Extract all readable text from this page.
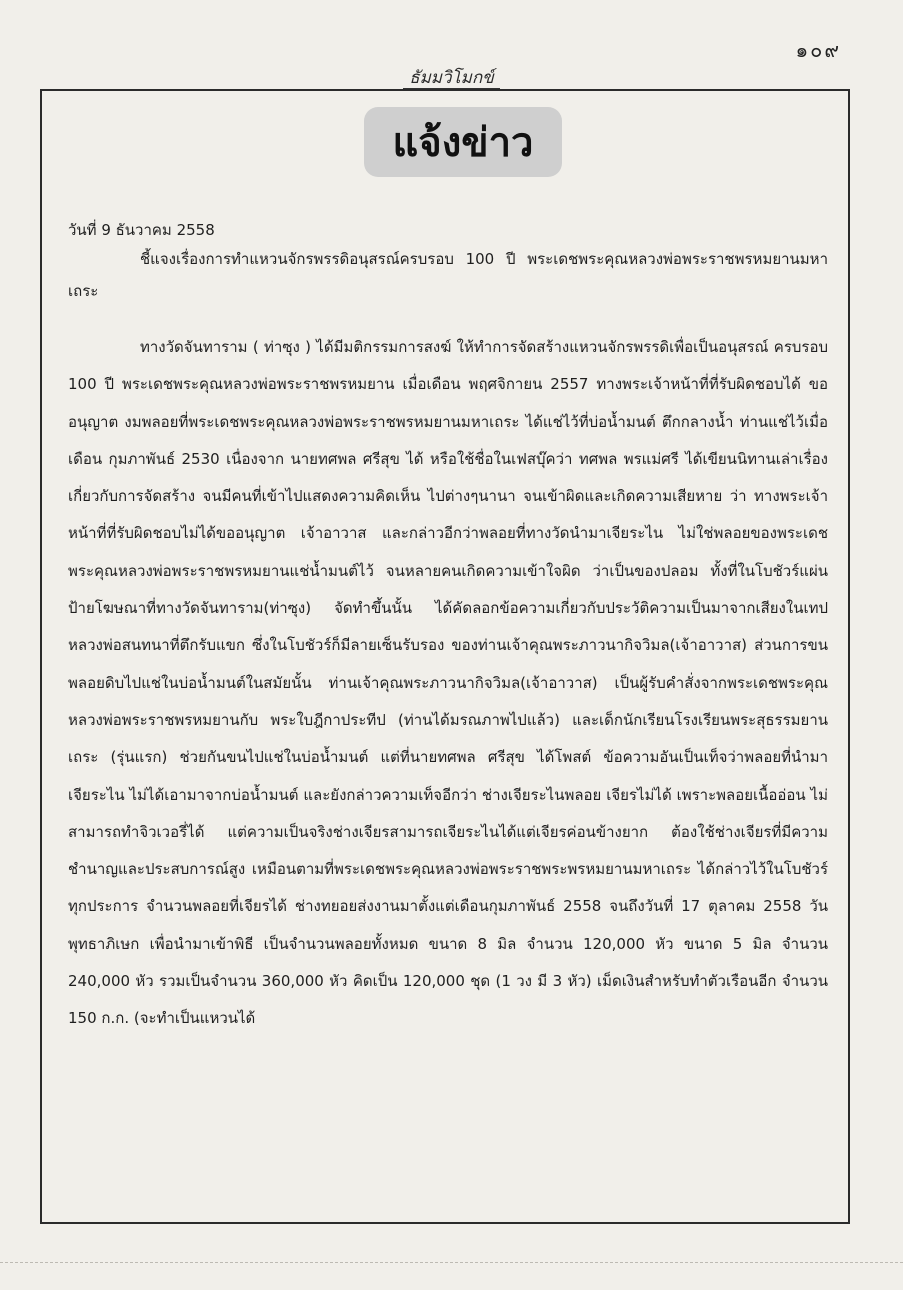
๑๐๙
ธัมมวิโมกข์
แจ้งข่าว
วันที่ 9 ธันวาคม 2558
ชี้แจงเรื่องการทำแหวนจักรพรรดิอนุสรณ์ครบรอบ 100 ปี พระเดชพระคุณหลวงพ่อพระราชพรหมยานมหาเถระ
ทางวัดจันทาราม ( ท่าซุง ) ได้มีมติกรรมการสงฆ์ ให้ทำการจัดสร้างแหวนจักรพรรดิเพื่อเป็นอนุสรณ์ ครบรอบ 100 ปี พระเดชพระคุณหลวงพ่อพระราชพรหมยาน เมื่อเดือน พฤศจิกายน 2557 ทางพระเจ้าหน้าที่ที่รับผิดชอบได้ ขออนุญาต งมพลอยที่พระเดชพระคุณหลวงพ่อพระราชพรหมยานมหาเถระ ได้แช่ไว้ที่บ่อน้ำมนต์ ตึกกลางน้ำ ท่านแช่ไว้เมื่อเดือน กุมภาพันธ์ 2530 เนื่องจาก นายทศพล ศรีสุข ได้ หรือใช้ชื่อในเฟสบุ๊คว่า ทศพล พรแม่ศรี ได้เขียนนิทานเล่าเรื่องเกี่ยวกับการจัดสร้าง จนมีคนที่เข้าไปแสดงความคิดเห็น ไปต่างๆนานา จนเข้าผิดและเกิดความเสียหาย ว่า ทางพระเจ้าหน้าที่ที่รับผิดชอบไม่ได้ขออนุญาต เจ้าอาวาส และกล่าวอีกว่าพลอยที่ทางวัดนำมาเจียระไน ไม่ใช่พลอยของพระเดชพระคุณหลวงพ่อพระราชพรหมยานแช่น้ำมนต์ไว้ จนหลายคนเกิดความเข้าใจผิด ว่าเป็นของปลอม ทั้งที่ในโบชัวร์แผ่นป้ายโฆษณาที่ทางวัดจันทาราม(ท่าซุง) จัดทำขึ้นนั้น ได้คัดลอกข้อความเกี่ยวกับประวัติความเป็นมาจากเสียงในเทป หลวงพ่อสนทนาที่ตึกรับแขก ซึ่งในโบชัวร์ก็มีลายเซ็นรับรอง ของท่านเจ้าคุณพระภาวนากิจวิมล(เจ้าอาวาส) ส่วนการขนพลอยดิบไปแช่ในบ่อน้ำมนต์ในสมัยนั้น ท่านเจ้าคุณพระภาวนากิจวิมล(เจ้าอาวาส) เป็นผู้รับคำสั่งจากพระเดชพระคุณหลวงพ่อพระราชพรหมยานกับ พระใบฎีกาประทีป (ท่านได้มรณภาพไปแล้ว) และเด็กนักเรียนโรงเรียนพระสุธรรมยานเถระ (รุ่นแรก) ช่วยกันขนไปแช่ในบ่อน้ำมนต์ แต่ที่นายทศพล ศรีสุข ได้โพสต์ ข้อความอันเป็นเท็จว่าพลอยที่นำมาเจียระไน ไม่ได้เอามาจากบ่อน้ำมนต์ และยังกล่าวความเท็จอีกว่า ช่างเจียระไนพลอย เจียรไม่ได้ เพราะพลอยเนื้ออ่อน ไม่สามารถทำจิวเวอรี่ได้ แต่ความเป็นจริงช่างเจียรสามารถเจียระไนได้แต่เจียรค่อนข้างยาก ต้องใช้ช่างเจียรที่มีความชำนาญและประสบการณ์สูง เหมือนตามที่พระเดชพระคุณหลวงพ่อพระราชพระพรหมยานมหาเถระ ได้กล่าวไว้ในโบชัวร์ ทุกประการ จำนวนพลอยที่เจียรได้ ช่างทยอยส่งงานมาตั้งแต่เดือนกุมภาพันธ์ 2558 จนถึงวันที่ 17 ตุลาคม 2558 วันพุทธาภิเษก เพื่อนำมาเข้าพิธี เป็นจำนวนพลอยทั้งหมด ขนาด 8 มิล จำนวน 120,000 หัว ขนาด 5 มิล จำนวน 240,000 หัว รวมเป็นจำนวน 360,000 หัว คิดเป็น 120,000 ชุด (1 วง มี 3 หัว) เม็ดเงินสำหรับทำตัวเรือนอีก จำนวน 150 ก.ก. (จะทำเป็นแหวนได้
